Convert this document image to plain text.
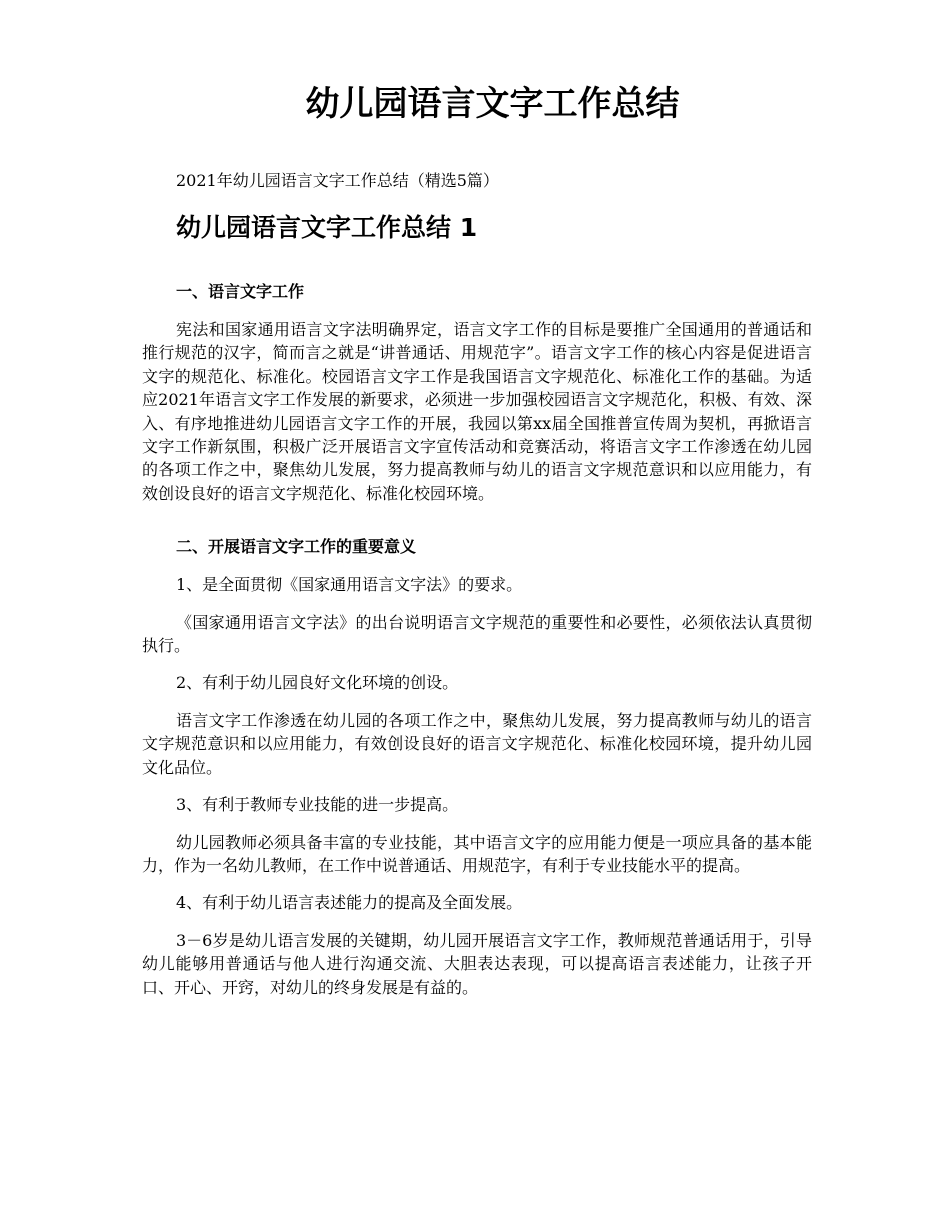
幼儿园语言文字工作总结
2021年幼儿园语言文字工作总结（精选5篇）
幼儿园语言文字工作总结 1
一、语言文字工作

宪法和国家通用语言文字法明确界定，语言文字工作的目标是要推广全国通用的普通话和推行规范的汉字，简而言之就是“讲普通话、用规范字”。语言文字工作的核心内容是促进语言文字的规范化、标准化。校园语言文字工作是我国语言文字规范化、标准化工作的基础。为适应2021年语言文字工作发展的新要求，必须进一步加强校园语言文字规范化，积极、有效、深入、有序地推进幼儿园语言文字工作的开展，我园以第xx届全国推普宣传周为契机，再掀语言文字工作新氛围，积极广泛开展语言文字宣传活动和竞赛活动，将语言文字工作渗透在幼儿园的各项工作之中，聚焦幼儿发展，努力提高教师与幼儿的语言文字规范意识和以应用能力，有效创设良好的语言文字规范化、标准化校园环境。

二、开展语言文字工作的重要意义

1、是全面贯彻《国家通用语言文字法》的要求。

《国家通用语言文字法》的出台说明语言文字规范的重要性和必要性，必须依法认真贯彻执行。

2、有利于幼儿园良好文化环境的创设。

语言文字工作渗透在幼儿园的各项工作之中，聚焦幼儿发展，努力提高教师与幼儿的语言文字规范意识和以应用能力，有效创设良好的语言文字规范化、标准化校园环境，提升幼儿园文化品位。

3、有利于教师专业技能的进一步提高。

幼儿园教师必须具备丰富的专业技能，其中语言文字的应用能力便是一项应具备的基本能力，作为一名幼儿教师，在工作中说普通话、用规范字，有利于专业技能水平的提高。

4、有利于幼儿语言表述能力的提高及全面发展。

3－6岁是幼儿语言发展的关键期，幼儿园开展语言文字工作，教师规范普通话用于，引导幼儿能够用普通话与他人进行沟通交流、大胆表达表现，可以提高语言表述能力，让孩子开口、开心、开窍，对幼儿的终身发展是有益的。
